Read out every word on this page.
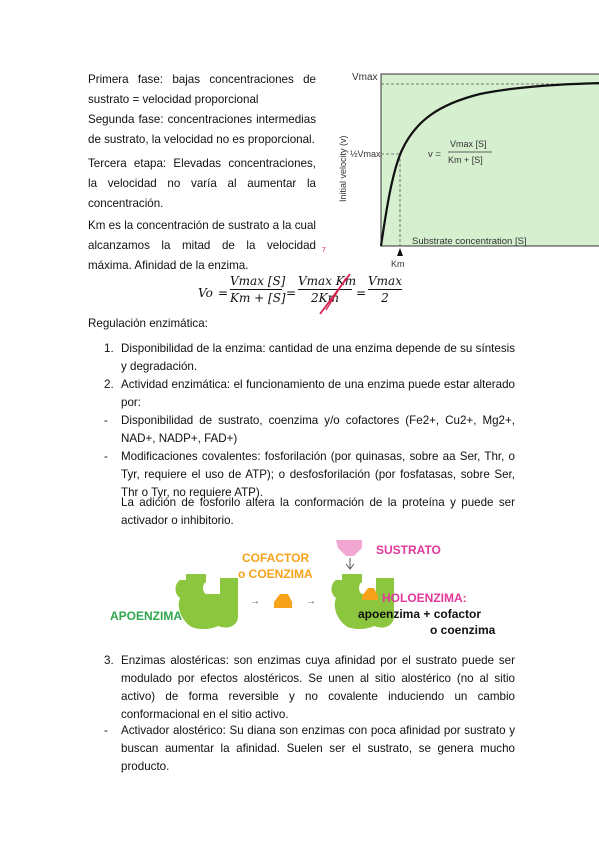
Primera fase: bajas concentraciones de sustrato = velocidad proporcional

Segunda fase: concentraciones intermedias de sustrato, la velocidad no es proporcional.

Tercera etapa: Elevadas concentraciones, la velocidad no varía al aumentar la concentración.

Km es la concentración de sustrato a la cual alcanzamos la mitad de la velocidad máxima. Afinidad de la enzima.

Vmax
½Vmax
Initial velocity (v)
Substrate concentration [S]
Km
v =
Vmax [S]
Km + [S]
7
Vo =
Vmax [S]
Km + [S] =
Vmax Km
2Km	=
Vmax
2

Regulación enzimática:

1. Disponibilidad de la enzima: cantidad de una enzima depende de su síntesis y degradación.

2. Actividad enzimática: el funcionamiento de una enzima puede estar alterado por:

- Disponibilidad de sustrato, coenzima y/o cofactores (Fe2+, Cu2+, Mg2+, NAD+, NADP+, FAD+)

- Modificaciones covalentes: fosforilación (por quinasas, sobre aa Ser, Thr, o Tyr, requiere el uso de ATP); o desfosforilación (por fosfatasas, sobre Ser, Thr o Tyr, no requiere ATP).

La adición de fosforilo altera la conformación de la proteína y puede ser activador o inhibitorio.

→	→
APOENZIMA
COFACTOR
o COENZIMA
SUSTRATO
HOLOENZIMA:
apoenzima + cofactor
o coenzima
3. Enzimas alostéricas: son enzimas cuya afinidad por el sustrato puede ser modulado por efectos alostéricos. Se unen al sitio alostérico (no al sitio activo) de forma reversible y no covalente induciendo un cambio conformacional en el sitio activo.

- Activador alostérico: Su diana son enzimas con poca afinidad por sustrato y buscan aumentar la afinidad. Suelen ser el sustrato, se genera mucho producto.
